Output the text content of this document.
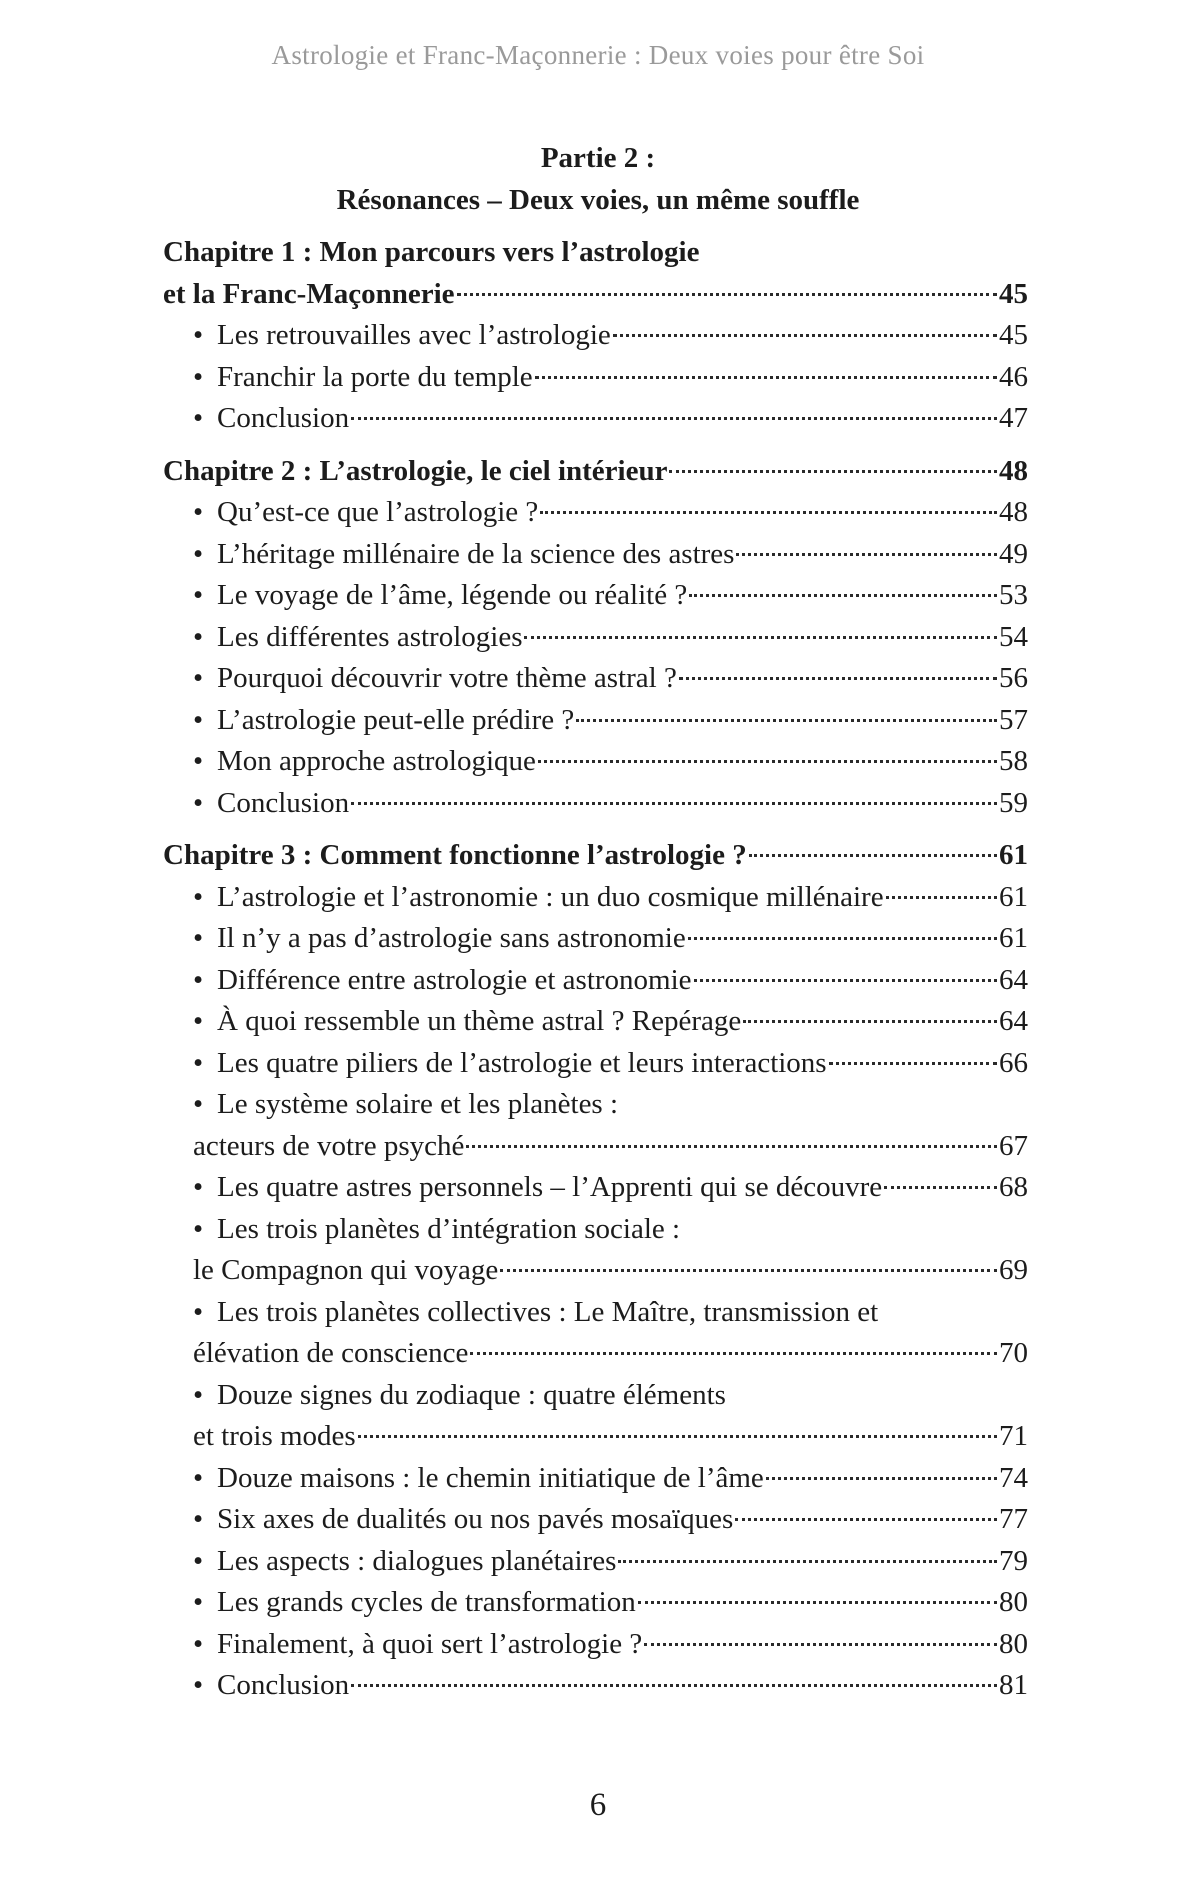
Astrologie et Franc-Maçonnerie : Deux voies pour être Soi
Partie 2 :
Résonances – Deux voies, un même souffle
Chapitre 1 : Mon parcours vers l’astrologie
et la Franc-Maçonnerie	45
• Les retrouvailles avec l’astrologie	45
• Franchir la porte du temple	46
• Conclusion	47
Chapitre 2 : L’astrologie, le ciel intérieur	48
• Qu’est-ce que l’astrologie ?	48
• L’héritage millénaire de la science des astres	49
• Le voyage de l’âme, légende ou réalité ?	53
• Les différentes astrologies	54
• Pourquoi découvrir votre thème astral ?	56
• L’astrologie peut-elle prédire ?	57
• Mon approche astrologique	58
• Conclusion	59
Chapitre 3 : Comment fonctionne l’astrologie ?	61
• L’astrologie et l’astronomie : un duo cosmique millénaire	61
• Il n’y a pas d’astrologie sans astronomie	61
• Différence entre astrologie et astronomie	64
• À quoi ressemble un thème astral ? Repérage	64
• Les quatre piliers de l’astrologie et leurs interactions	66
• Le système solaire et les planètes :
acteurs de votre psyché	67
• Les quatre astres personnels – l’Apprenti qui se découvre	68
• Les trois planètes d’intégration sociale :
le Compagnon qui voyage	69
• Les trois planètes collectives : Le Maître, transmission et
élévation de conscience	70
• Douze signes du zodiaque : quatre éléments
et trois modes	71
• Douze maisons : le chemin initiatique de l’âme	74
• Six axes de dualités ou nos pavés mosaïques	77
• Les aspects : dialogues planétaires	79
• Les grands cycles de transformation	80
• Finalement, à quoi sert l’astrologie ?	80
• Conclusion	81
6
